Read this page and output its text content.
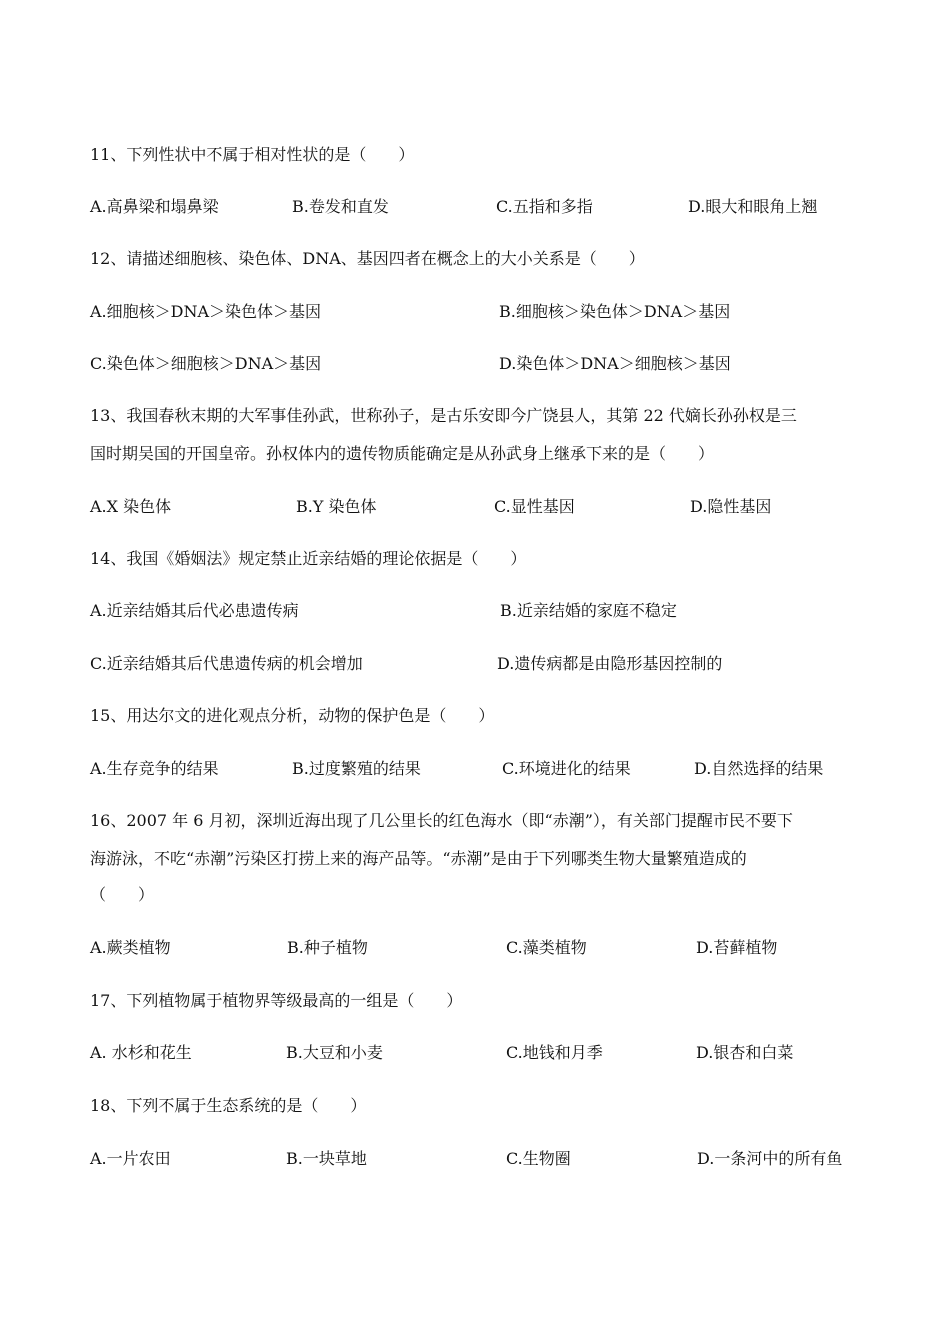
11、下列性状中不属于相对性状的是（　　）
A.高鼻梁和塌鼻梁	B.卷发和直发	C.五指和多指	D.眼大和眼角上翘
12、请描述细胞核、染色体、DNA、基因四者在概念上的大小关系是（　　）
A.细胞核＞DNA＞染色体＞基因	B.细胞核＞染色体＞DNA＞基因
C.染色体＞细胞核＞DNA＞基因	D.染色体＞DNA＞细胞核＞基因
13、我国春秋末期的大军事佳孙武，世称孙子，是古乐安即今广饶县人，其第 22 代嫡长孙孙权是三
国时期吴国的开国皇帝。孙权体内的遗传物质能确定是从孙武身上继承下来的是（　　）
A.X 染色体	B.Y 染色体	C.显性基因	D.隐性基因
14、我国《婚姻法》规定禁止近亲结婚的理论依据是（　　）
A.近亲结婚其后代必患遗传病	B.近亲结婚的家庭不稳定
C.近亲结婚其后代患遗传病的机会增加	D.遗传病都是由隐形基因控制的
15、用达尔文的进化观点分析，动物的保护色是（　　）
A.生存竞争的结果	B.过度繁殖的结果	C.环境进化的结果	D.自然选择的结果
16、2007 年 6 月初，深圳近海出现了几公里长的红色海水（即“赤潮”），有关部门提醒市民不要下
海游泳，不吃“赤潮”污染区打捞上来的海产品等。“赤潮”是由于下列哪类生物大量繁殖造成的
（　　）
A.蕨类植物	B.种子植物	C.藻类植物	D.苔藓植物
17、下列植物属于植物界等级最高的一组是（　　）
A. 水杉和花生	B.大豆和小麦	C.地钱和月季	D.银杏和白菜
18、下列不属于生态系统的是（　　）
A.一片农田	B.一块草地	C.生物圈	D.一条河中的所有鱼
